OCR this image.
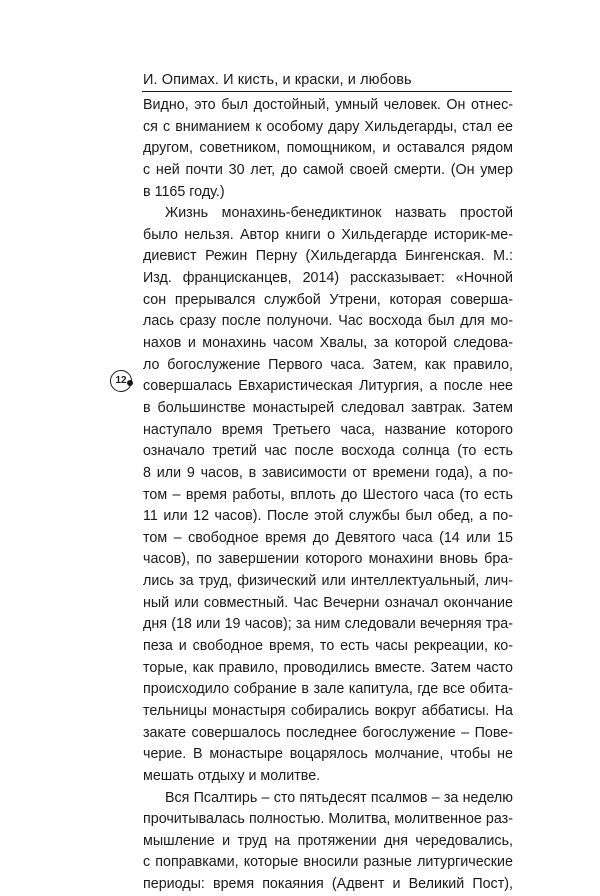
И. Опимах. И кисть, и краски, и любовь
12
Видно, это был достойный, умный человек. Он отнес-
ся с вниманием к особому дару Хильдегарды, стал ее
другом, советником, помощником, и оставался рядом
с ней почти 30 лет, до самой своей смерти. (Он умер
в 1165 году.)
Жизнь монахинь-бенедиктинок назвать простой
было нельзя. Автор книги о Хильдегарде историк-ме-
диевист Режин Перну (Хильдегарда Бингенская. М.:
Изд. францисканцев, 2014) рассказывает: «Ночной
сон прерывался службой Утрени, которая соверша-
лась сразу после полуночи. Час восхода был для мо-
нахов и монахинь часом Хвалы, за которой следова-
ло богослужение Первого часа. Затем, как правило,
совершалась Евхаристическая Литургия, а после нее
в большинстве монастырей следовал завтрак. Затем
наступало время Третьего часа, название которого
означало третий час после восхода солнца (то есть
8 или 9 часов, в зависимости от времени года), а по-
том – время работы, вплоть до Шестого часа (то есть
11 или 12 часов). После этой службы был обед, а по-
том – свободное время до Девятого часа (14 или 15
часов), по завершении которого монахини вновь бра-
лись за труд, физический или интеллектуальный, лич-
ный или совместный. Час Вечерни означал окончание
дня (18 или 19 часов); за ним следовали вечерняя тра-
пеза и свободное время, то есть часы рекреации, ко-
торые, как правило, проводились вместе. Затем часто
происходило собрание в зале капитула, где все обита-
тельницы монастыря собирались вокруг аббатисы. На
закате совершалось последнее богослужение – Пове-
черие. В монастыре воцарялось молчание, чтобы не
мешать отдыху и молитве.
Вся Псалтирь – сто пятьдесят псалмов – за неделю
прочитывалась полностью. Молитва, молитвенное раз-
мышление и труд на протяжении дня чередовались,
с поправками, которые вносили разные литургические
периоды: время покаяния (Адвент и Великий Пост),
